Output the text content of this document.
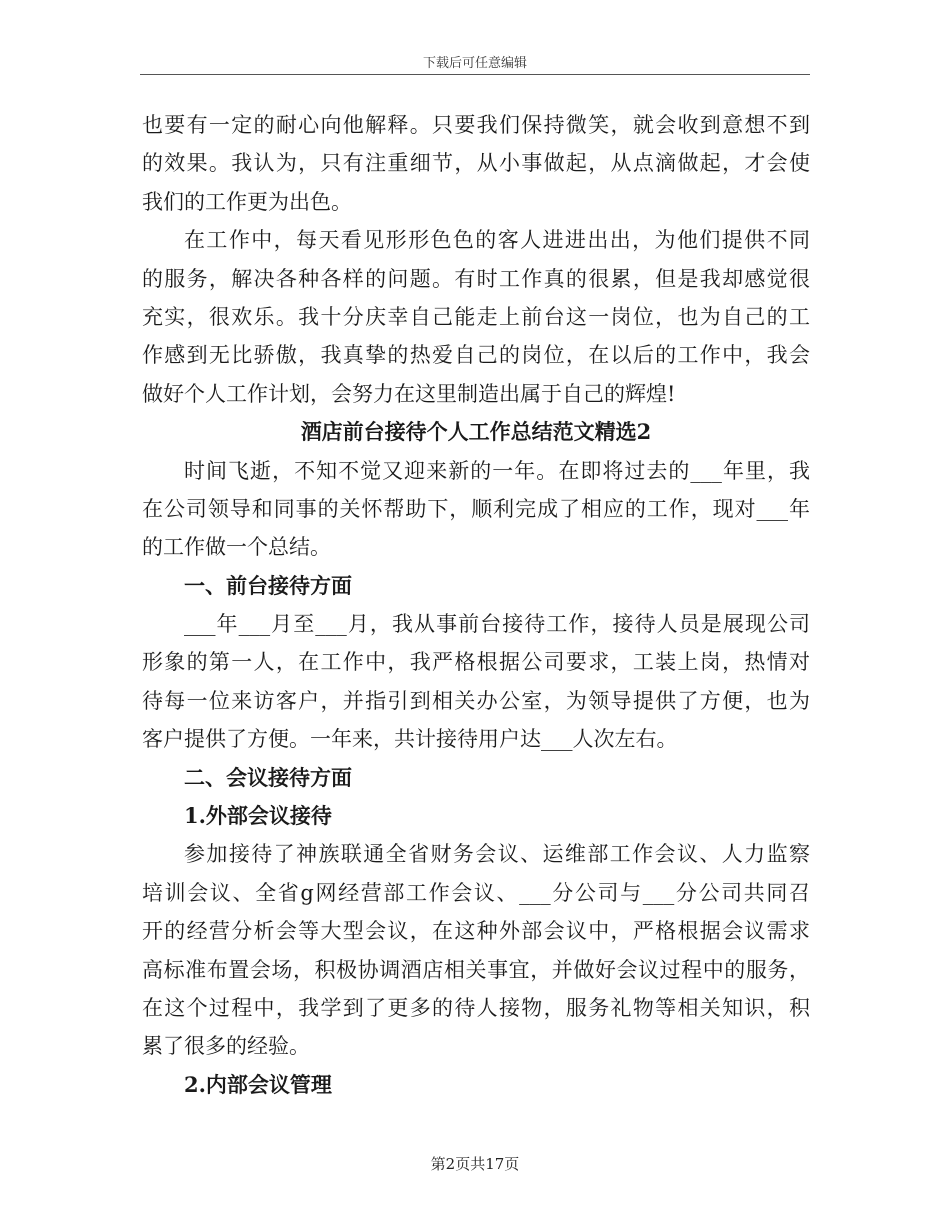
下载后可任意编辑
也要有一定的耐心向他解释。只要我们保持微笑，就会收到意想不到
的效果。我认为，只有注重细节，从小事做起，从点滴做起，才会使
我们的工作更为出色。
在工作中，每天看见形形色色的客人进进出出，为他们提供不同
的服务，解决各种各样的问题。有时工作真的很累，但是我却感觉很
充实，很欢乐。我十分庆幸自己能走上前台这一岗位，也为自己的工
作感到无比骄傲，我真挚的热爱自己的岗位，在以后的工作中，我会
做好个人工作计划，会努力在这里制造出属于自己的辉煌!
酒店前台接待个人工作总结范文精选2
时间飞逝，不知不觉又迎来新的一年。在即将过去的___年里，我
在公司领导和同事的关怀帮助下，顺利完成了相应的工作，现对___年
的工作做一个总结。
一、前台接待方面
___年___月至___月，我从事前台接待工作，接待人员是展现公司
形象的第一人，在工作中，我严格根据公司要求，工装上岗，热情对
待每一位来访客户，并指引到相关办公室，为领导提供了方便，也为
客户提供了方便。一年来，共计接待用户达___人次左右。
二、会议接待方面
1.外部会议接待
参加接待了神族联通全省财务会议、运维部工作会议、人力监察
培训会议、全省g网经营部工作会议、___分公司与___分公司共同召
开的经营分析会等大型会议，在这种外部会议中，严格根据会议需求
高标准布置会场，积极协调酒店相关事宜，并做好会议过程中的服务，
在这个过程中，我学到了更多的待人接物，服务礼物等相关知识，积
累了很多的经验。
2.内部会议管理
第2页共17页
